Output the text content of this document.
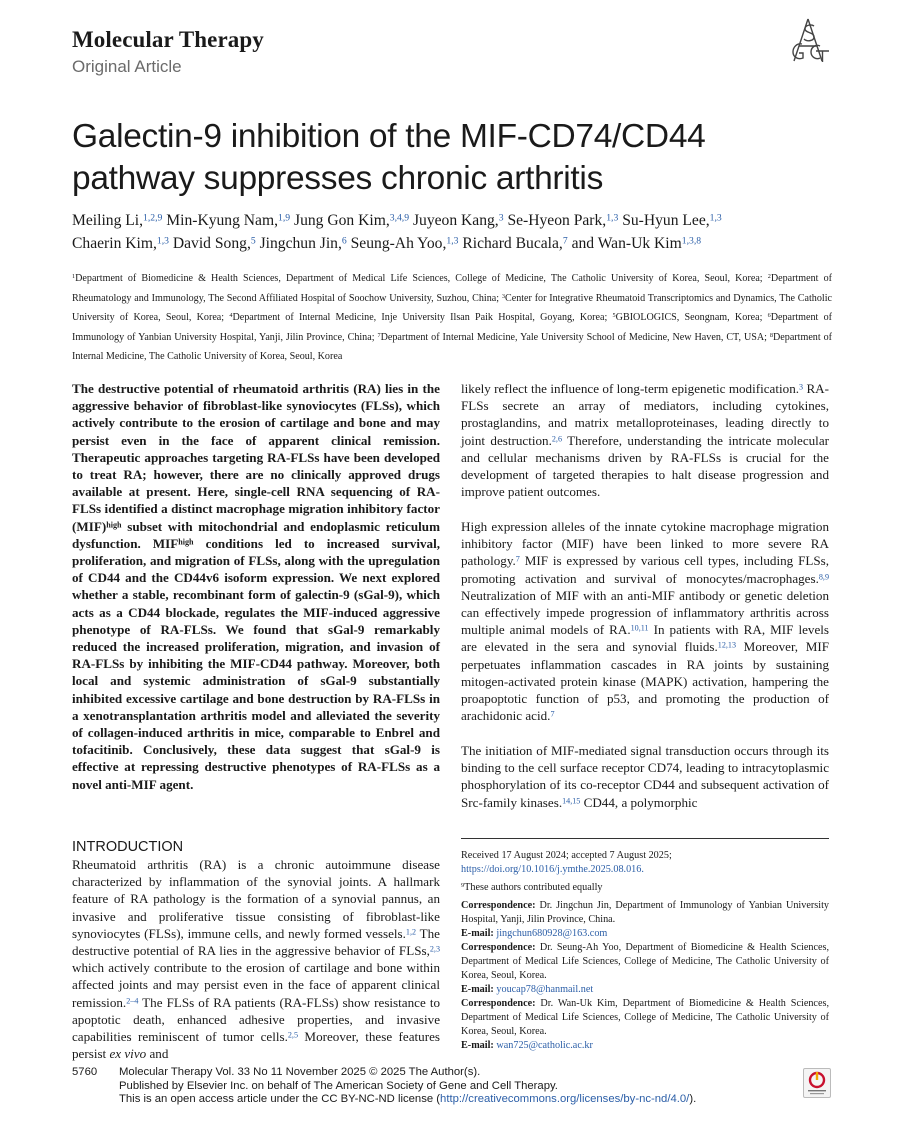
Molecular Therapy
Original Article
Galectin-9 inhibition of the MIF-CD74/CD44 pathway suppresses chronic arthritis
Meiling Li,$^{1,2,9}$ Min-Kyung Nam,$^{1,9}$ Jung Gon Kim,$^{3,4,9}$ Juyeon Kang,$^3$ Se-Hyeon Park,$^{1,3}$ Su-Hyun Lee,$^{1,3}$
Chaerin Kim,$^{1,3}$ David Song,$^5$ Jingchun Jin,$^6$ Seung-Ah Yoo,$^{1,3}$ Richard Bucala,$^7$ and Wan-Uk Kim$^{1,3,8}$
$^1$Department of Biomedicine & Health Sciences, Department of Medical Life Sciences, College of Medicine, The Catholic University of Korea, Seoul, Korea; $^2$Department of Rheumatology and Immunology, The Second Affiliated Hospital of Soochow University, Suzhou, China; $^3$Center for Integrative Rheumatoid Transcriptomics and Dynamics, The Catholic University of Korea, Seoul, Korea; $^4$Department of Internal Medicine, Inje University Ilsan Paik Hospital, Goyang, Korea; $^5$GBIOLOGICS, Seongnam, Korea; $^6$Department of Immunology of Yanbian University Hospital, Yanji, Jilin Province, China; $^7$Department of Internal Medicine, Yale University School of Medicine, New Haven, CT, USA; $^8$Department of Internal Medicine, The Catholic University of Korea, Seoul, Korea

The destructive potential of rheumatoid arthritis (RA) lies in the aggressive behavior of fibroblast-like synoviocytes (FLSs), which actively contribute to the erosion of cartilage and bone and may persist even in the face of apparent clinical remission. Therapeutic approaches targeting RA-FLSs have been developed to treat RA; however, there are no clinically approved drugs available at present. Here, single-cell RNA sequencing of RA-FLSs identified a distinct macrophage migration inhibitory factor (MIF)$^{high}$ subset with mitochondrial and endoplasmic reticulum dysfunction. $MIF^{high}$ conditions led to increased survival, proliferation, and migration of FLSs, along with the upregulation of CD44 and the CD44v6 isoform expression. We next explored whether a stable, recombinant form of galectin-9 (sGal-9), which acts as a CD44 blockade, regulates the MIF-induced aggressive phenotype of RA-FLSs. We found that sGal-9 remarkably reduced the increased proliferation, migration, and invasion of RA-FLSs by inhibiting the MIF-CD44 pathway. Moreover, both local and systemic administration of sGal-9 substantially inhibited excessive cartilage and bone destruction by RA-FLSs in a xenotransplantation arthritis model and alleviated the severity of collagen-induced arthritis in mice, comparable to Enbrel and tofacitinib. Conclusively, these data suggest that sGal-9 is effective at repressing destructive phenotypes of RA-FLSs as a novel anti-MIF agent.

likely reflect the influence of long-term epigenetic modification.$^3$ RA-FLSs secrete an array of mediators, including cytokines, prostaglandins, and matrix metalloproteinases, leading directly to joint destruction.$^{2,6}$ Therefore, understanding the intricate molecular and cellular mechanisms driven by RA-FLSs is crucial for the development of targeted therapies to halt disease progression and improve patient outcomes.

High expression alleles of the innate cytokine macrophage migration inhibitory factor (MIF) have been linked to more severe RA pathology.$^7$ MIF is expressed by various cell types, including FLSs, promoting activation and survival of monocytes/macrophages.$^{8,9}$ Neutralization of MIF with an anti-MIF antibody or genetic deletion can effectively impede progression of inflammatory arthritis across multiple animal models of RA.$^{10,11}$ In patients with RA, MIF levels are elevated in the sera and synovial fluids.$^{12,13}$ Moreover, MIF perpetuates inflammation cascades in RA joints by sustaining mitogen-activated protein kinase (MAPK) activation, hampering the proapoptotic function of p53, and promoting the production of arachidonic acid.$^7$

The initiation of MIF-mediated signal transduction occurs through its binding to the cell surface receptor CD74, leading to intracytoplasmic phosphorylation of its co-receptor CD44 and subsequent activation of Src-family kinases.$^{14,15}$ CD44, a polymorphic

INTRODUCTION

Rheumatoid arthritis (RA) is a chronic autoimmune disease characterized by inflammation of the synovial joints. A hallmark feature of RA pathology is the formation of a synovial pannus, an invasive and proliferative tissue consisting of fibroblast-like synoviocytes (FLSs), immune cells, and newly formed vessels.$^{1,2}$ The destructive potential of RA lies in the aggressive behavior of FLSs,$^{2,3}$ which actively contribute to the erosion of cartilage and bone within affected joints and may persist even in the face of apparent clinical remission.$^{2-4}$ The FLSs of RA patients (RA-FLSs) show resistance to apoptotic death, enhanced adhesive properties, and invasive capabilities reminiscent of tumor cells.$^{2,5}$ Moreover, these features persist ex vivo and

Received 17 August 2024; accepted 7 August 2025;
https://doi.org/10.1016/j.ymthe.2025.08.016.
$^9$These authors contributed equally
Correspondence: Dr. Jingchun Jin, Department of Immunology of Yanbian University Hospital, Yanji, Jilin Province, China.
E-mail: jingchun680928@163.com
Correspondence: Dr. Seung-Ah Yoo, Department of Biomedicine & Health Sciences, Department of Medical Life Sciences, College of Medicine, The Catholic University of Korea, Seoul, Korea.
E-mail: youcap78@hanmail.net
Correspondence: Dr. Wan-Uk Kim, Department of Biomedicine & Health Sciences, Department of Medical Life Sciences, College of Medicine, The Catholic University of Korea, Seoul, Korea.
E-mail: wan725@catholic.ac.kr
5760 Molecular Therapy Vol. 33 No 11 November 2025 © 2025 The Author(s).
Published by Elsevier Inc. on behalf of The American Society of Gene and Cell Therapy.
This is an open access article under the CC BY-NC-ND license (http://creativecommons.org/licenses/by-nc-nd/4.0/).
